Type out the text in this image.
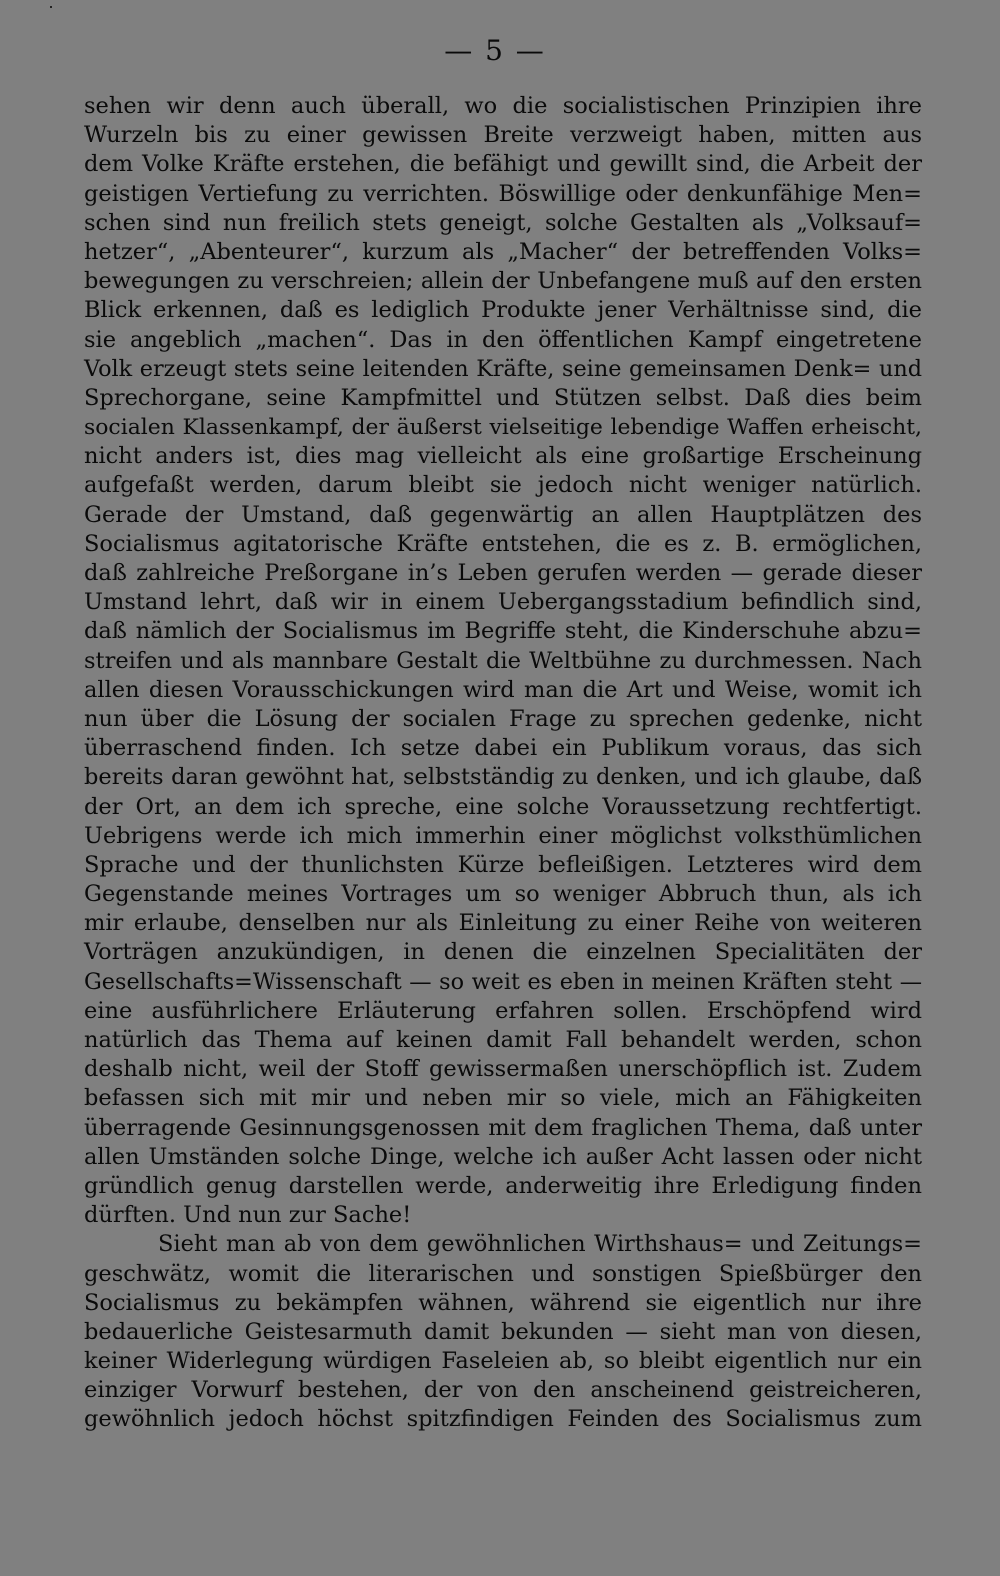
— 5 —
sehen wir denn auch überall, wo die socialistischen Prinzipien ihre
Wurzeln bis zu einer gewissen Breite verzweigt haben, mitten aus
dem Volke Kräfte erstehen, die befähigt und gewillt sind, die Arbeit der
geistigen Vertiefung zu verrichten. Böswillige oder denkunfähige Men=
schen sind nun freilich stets geneigt, solche Gestalten als „Volksauf=
hetzer“, „Abenteurer“, kurzum als „Macher“ der betreffenden Volks=
bewegungen zu verschreien; allein der Unbefangene muß auf den ersten
Blick erkennen, daß es lediglich Produkte jener Verhältnisse sind, die
sie angeblich „machen“. Das in den öffentlichen Kampf eingetretene
Volk erzeugt stets seine leitenden Kräfte, seine gemeinsamen Denk= und
Sprechorgane, seine Kampfmittel und Stützen selbst. Daß dies beim
socialen Klassenkampf, der äußerst vielseitige lebendige Waffen erheischt,
nicht anders ist, dies mag vielleicht als eine großartige Erscheinung
aufgefaßt werden, darum bleibt sie jedoch nicht weniger natürlich.
Gerade der Umstand, daß gegenwärtig an allen Hauptplätzen des
Socialismus agitatorische Kräfte entstehen, die es z. B. ermöglichen,
daß zahlreiche Preßorgane in’s Leben gerufen werden — gerade dieser
Umstand lehrt, daß wir in einem Uebergangsstadium befindlich sind,
daß nämlich der Socialismus im Begriffe steht, die Kinderschuhe abzu=
streifen und als mannbare Gestalt die Weltbühne zu durchmessen. Nach
allen diesen Vorausschickungen wird man die Art und Weise, womit ich
nun über die Lösung der socialen Frage zu sprechen gedenke, nicht
überraschend finden. Ich setze dabei ein Publikum voraus, das sich
bereits daran gewöhnt hat, selbstständig zu denken, und ich glaube, daß
der Ort, an dem ich spreche, eine solche Voraussetzung rechtfertigt.
Uebrigens werde ich mich immerhin einer möglichst volksthümlichen
Sprache und der thunlichsten Kürze befleißigen. Letzteres wird dem
Gegenstande meines Vortrages um so weniger Abbruch thun, als ich
mir erlaube, denselben nur als Einleitung zu einer Reihe von weiteren
Vorträgen anzukündigen, in denen die einzelnen Specialitäten der
Gesellschafts=Wissenschaft — so weit es eben in meinen Kräften steht —
eine ausführlichere Erläuterung erfahren sollen. Erschöpfend wird
natürlich das Thema auf keinen damit Fall behandelt werden, schon
deshalb nicht, weil der Stoff gewissermaßen unerschöpflich ist. Zudem
befassen sich mit mir und neben mir so viele, mich an Fähigkeiten
überragende Gesinnungsgenossen mit dem fraglichen Thema, daß unter
allen Umständen solche Dinge, welche ich außer Acht lassen oder nicht
gründlich genug darstellen werde, anderweitig ihre Erledigung finden
dürften. Und nun zur Sache!
Sieht man ab von dem gewöhnlichen Wirthshaus= und Zeitungs=
geschwätz, womit die literarischen und sonstigen Spießbürger den
Socialismus zu bekämpfen wähnen, während sie eigentlich nur ihre
bedauerliche Geistesarmuth damit bekunden — sieht man von diesen,
keiner Widerlegung würdigen Faseleien ab, so bleibt eigentlich nur ein
einziger Vorwurf bestehen, der von den anscheinend geistreicheren,
gewöhnlich jedoch höchst spitzfindigen Feinden des Socialismus zum
